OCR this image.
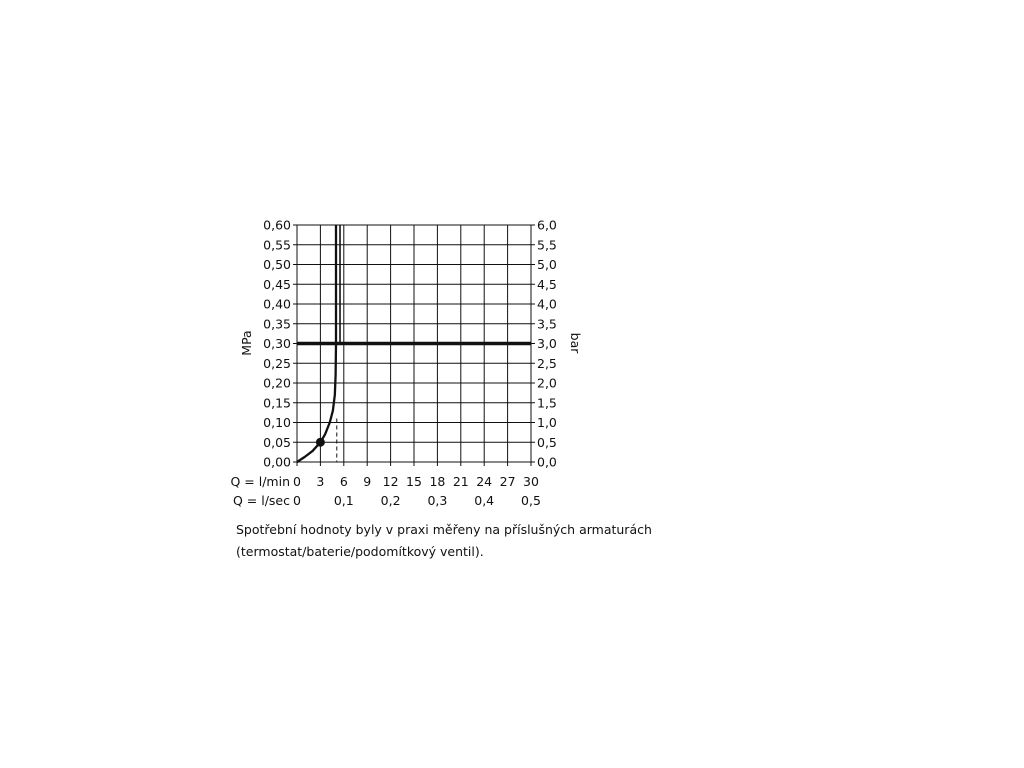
0,00
0,05
0,10
0,15
0,20
0,25
0,30
0,35
0,40
0,45
0,50
0,55
0,60
0,0
0,5
1,0
1,5
2,0
2,5
3,0
3,5
4,0
4,5
5,0
5,5
6,0
0 3 6 9 12 15 18 21 24 27 30
0	0,1 0,2 0,3 0,4 0,5
MPa	bar
Q = l/min
Q = l/sec
Spotřební hodnoty byly v praxi měřeny na příslušných armaturách (termostat/baterie/podomítkový ventil).
